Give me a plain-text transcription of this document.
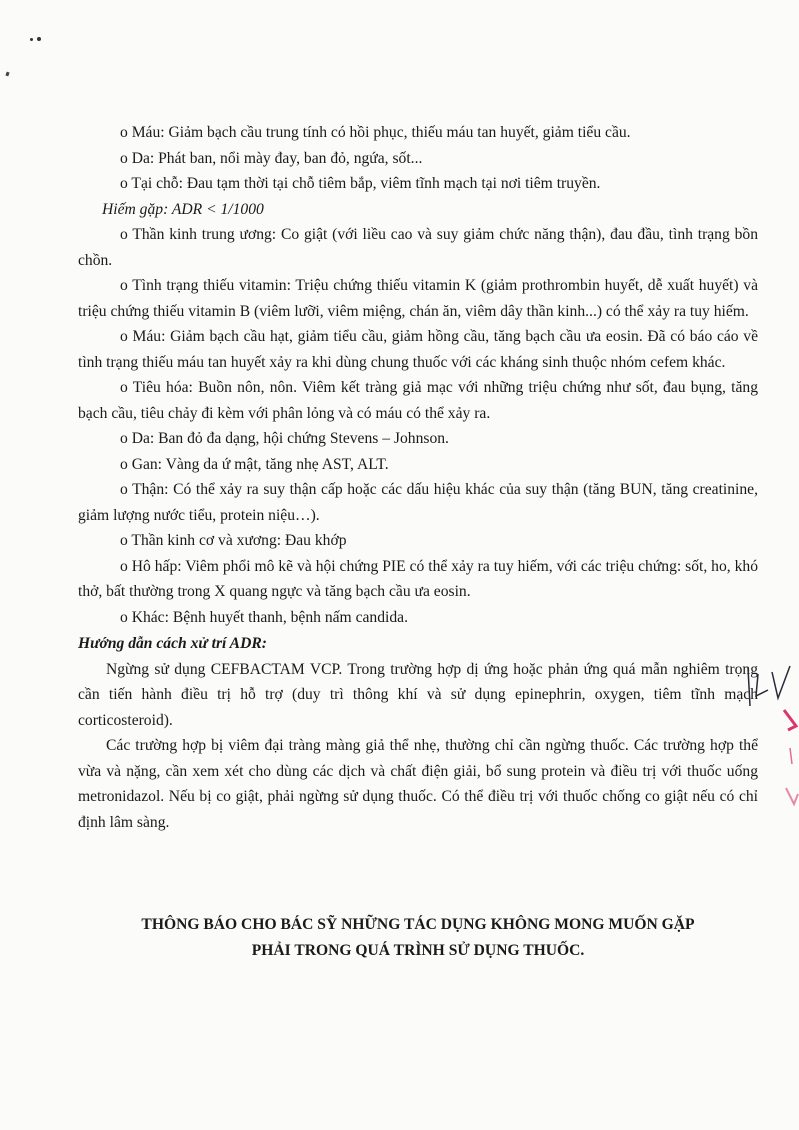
o Máu: Giảm bạch cầu trung tính có hồi phục, thiếu máu tan huyết, giảm tiểu cầu.

o Da: Phát ban, nổi mày đay, ban đỏ, ngứa, sốt...

o Tại chỗ: Đau tạm thời tại chỗ tiêm bắp, viêm tĩnh mạch tại nơi tiêm truyền.

Hiếm gặp: ADR < 1/1000

o Thần kinh trung ương: Co giật (với liều cao và suy giảm chức năng thận), đau đầu, tình trạng bồn chồn.

o Tình trạng thiếu vitamin: Triệu chứng thiếu vitamin K (giảm prothrombin huyết, dễ xuất huyết) và triệu chứng thiếu vitamin B (viêm lưỡi, viêm miệng, chán ăn, viêm dây thần kinh...) có thể xảy ra tuy hiếm.

o Máu: Giảm bạch cầu hạt, giảm tiểu cầu, giảm hồng cầu, tăng bạch cầu ưa eosin. Đã có báo cáo về tình trạng thiếu máu tan huyết xảy ra khi dùng chung thuốc với các kháng sinh thuộc nhóm cefem khác.

o Tiêu hóa: Buồn nôn, nôn. Viêm kết tràng giả mạc với những triệu chứng như sốt, đau bụng, tăng bạch cầu, tiêu chảy đi kèm với phân lỏng và có máu có thể xảy ra.

o Da: Ban đỏ đa dạng, hội chứng Stevens – Johnson.

o Gan: Vàng da ứ mật, tăng nhẹ AST, ALT.

o Thận: Có thể xảy ra suy thận cấp hoặc các dấu hiệu khác của suy thận (tăng BUN, tăng creatinine, giảm lượng nước tiểu, protein niệu…).

o Thần kinh cơ và xương: Đau khớp

o Hô hấp: Viêm phổi mô kẽ và hội chứng PIE có thể xảy ra tuy hiếm, với các triệu chứng: sốt, ho, khó thở, bất thường trong X quang ngực và tăng bạch cầu ưa eosin.

o Khác: Bệnh huyết thanh, bệnh nấm candida.

Hướng dẫn cách xử trí ADR:

Ngừng sử dụng CEFBACTAM VCP. Trong trường hợp dị ứng hoặc phản ứng quá mẫn nghiêm trọng cần tiến hành điều trị hỗ trợ (duy trì thông khí và sử dụng epinephrin, oxygen, tiêm tĩnh mạch corticosteroid).

Các trường hợp bị viêm đại tràng màng giả thể nhẹ, thường chỉ cần ngừng thuốc. Các trường hợp thể vừa và nặng, cần xem xét cho dùng các dịch và chất điện giải, bổ sung protein và điều trị với thuốc uống metronidazol. Nếu bị co giật, phải ngừng sử dụng thuốc. Có thể điều trị với thuốc chống co giật nếu có chỉ định lâm sàng.

THÔNG BÁO CHO BÁC SỸ NHỮNG TÁC DỤNG KHÔNG MONG MUỐN GẶP
PHẢI TRONG QUÁ TRÌNH SỬ DỤNG THUỐC.
